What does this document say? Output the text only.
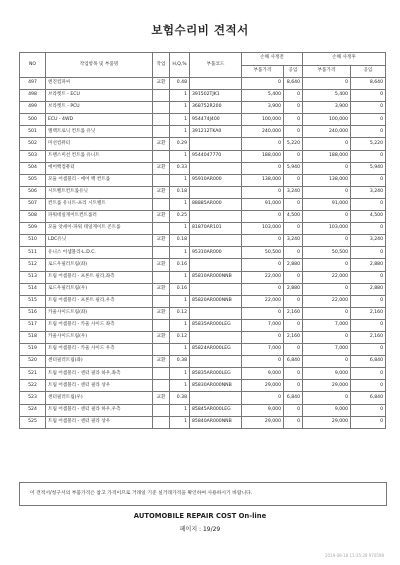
보험수리비 견적서
NO	작업항목 및 부품명	작업	H,Q,%	부품코드	손해 사정전		손해 사정후	
					부품가격	공임	부품가격	공임
497	엔진컴파씨	교환	0.48		0	8,640	0	8,640
498	브라켓트 - ECU		1	391502TJK1	5,400	0	5,400	0
499	브라켓트 - PCU		1	368752R200	3,900	0	3,900	0
500	ECU - 4WD		1	954474J400	100,000	0	100,000	0
501	엘렉트로닉 컨트롤 유닛		1	391212TKA0	240,000	0	240,000	0
502	미션컴퓨터	교환	0.29		0	5,220	0	5,220
503	트랜스미션 컨트롤 유니트		1	9544047770	188,000	0	188,000	0
504	에어백컴퓨터	교환	0.33		0	5,940	0	5,940
505	모듈 어셈블리 - 에어 백 컨트롤		1	95910AR000	138,000	0	138,000	0
506	시트벨트컨트롤유닛	교환	0.18		0	3,240	0	3,240
507	컨트롤 유니트-프리 시트벨트		1	88885AR000	91,000	0	91,000	0
508	파워데일게이트컨트롤러	교환	0.25		0	4,500	0	4,500
509	모듈 앗세이-파워 테일게이트 콘트롤		1	81870AR101	103,000	0	103,000	0
510	LDC유닛	교환	0.18		0	3,240	0	3,240
511	유니스 어셈블리-L.D.C.		1	95310AR000	50,500	0	50,500	0
512	로드우필러트림(좌)	교환	0.16		0	2,880	0	2,880
513	트림 어셈블리 - 프론트 필라,좌측		1	85810AR000NNB	22,000	0	22,000	0
514	로드우필러트림(우)	교환	0.16		0	2,880	0	2,880
515	트림 어셈블리 - 프론트 필라,우측		1	85820AR000NNB	22,000	0	22,000	0
516	카울사이드트림(좌)	교환	0.12		0	2,160	0	2,160
517	트림 어셈블리 - 카울 사이드 좌측		1	85835AR000LEG	7,000	0	7,000	0
518	카울사이드트림(우)	교환	0.12		0	2,160	0	2,160
519	트림 어셈블리 - 카울 사이드 우측		1	85824AR000LEG	7,000	0	7,000	0
520	센터필러트림(좌)	교환	0.38		0	6,840	0	6,840
521	트림 어셈블리 - 센터 필라 하우,좌측		1	85835AR000LEG	9,000	0	9,000	0
522	트림 어셈블리 - 센터 필라 상우		1	85830AR000NNB	29,000	0	29,000	0
523	센터필러트림(우)	교환	0.38		0	6,840	0	6,840
524	트림 어셈블리 - 센터 필라 하우,우측		1	85845AR000LEG	9,000	0	9,000	0
525	트림 어셈블리 - 센터 필라 상우		1	85840AR000NNB	29,000	0	29,000	0
이 견적서/청구서의 부품가격은 참고 가격이므로 거래일 기준 실거래가격을 확인하여 사용하시기 바랍니다.
AUTOMOBILE REPAIR COST On-line
페이지 : 19/29
2019-08-18 11:35:28 970598
